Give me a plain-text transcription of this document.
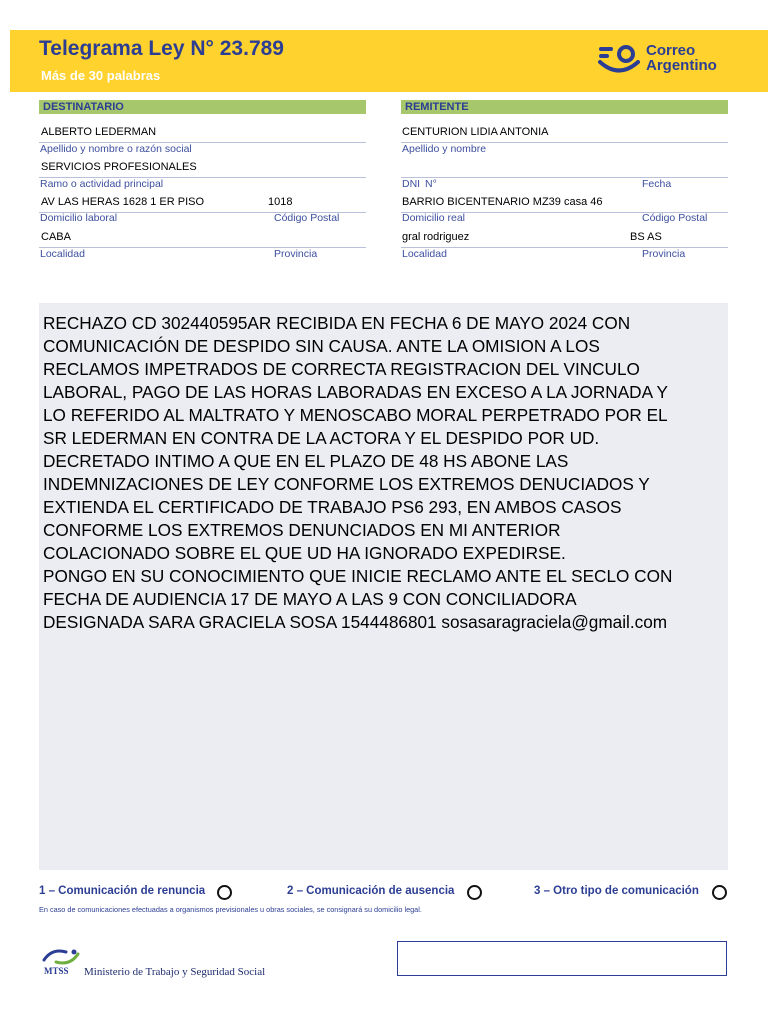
Telegrama Ley N° 23.789
Más de 30 palabras
Correo
Argentino
DESTINATARIO
ALBERTO LEDERMAN
Apellido y nombre o razón social
SERVICIOS PROFESIONALES
Ramo o actividad principal
AV LAS HERAS 1628 1 ER PISO	1018
Domicilio laboral	Código Postal
CABA
Localidad	Provincia
REMITENTE
CENTURION LIDIA ANTONIA
Apellido y nombre
DNI N°	Fecha
BARRIO BICENTENARIO MZ39 casa 46
Domicilio real	Código Postal
gral rodriguez	BS AS
Localidad	Provincia
RECHAZO CD 302440595AR RECIBIDA EN FECHA 6 DE MAYO 2024 CON
COMUNICACIÓN DE DESPIDO SIN CAUSA. ANTE LA OMISION A LOS
RECLAMOS IMPETRADOS DE CORRECTA REGISTRACION DEL VINCULO
LABORAL, PAGO DE LAS HORAS LABORADAS EN EXCESO A LA JORNADA Y
LO REFERIDO AL MALTRATO Y MENOSCABO MORAL PERPETRADO POR EL
SR LEDERMAN EN CONTRA DE LA ACTORA Y EL DESPIDO POR UD.
DECRETADO INTIMO A QUE EN EL PLAZO DE 48 HS ABONE LAS
INDEMNIZACIONES DE LEY CONFORME LOS EXTREMOS DENUCIADOS Y
EXTIENDA EL CERTIFICADO DE TRABAJO PS6 293, EN AMBOS CASOS
CONFORME LOS EXTREMOS DENUNCIADOS EN MI ANTERIOR
COLACIONADO SOBRE EL QUE UD HA IGNORADO EXPEDIRSE.
PONGO EN SU CONOCIMIENTO QUE INICIE RECLAMO ANTE EL SECLO CON
FECHA DE AUDIENCIA 17 DE MAYO A LAS 9 CON CONCILIADORA
DESIGNADA SARA GRACIELA SOSA 1544486801 sosasaragraciela@gmail.com
1 – Comunicación de renuncia	2 – Comunicación de ausencia	3 – Otro tipo de comunicación
En caso de comunicaciones efectuadas a organismos previsionales u obras sociales, se consignará su domicilio legal.
MTSS Ministerio de Trabajo y Seguridad Social
